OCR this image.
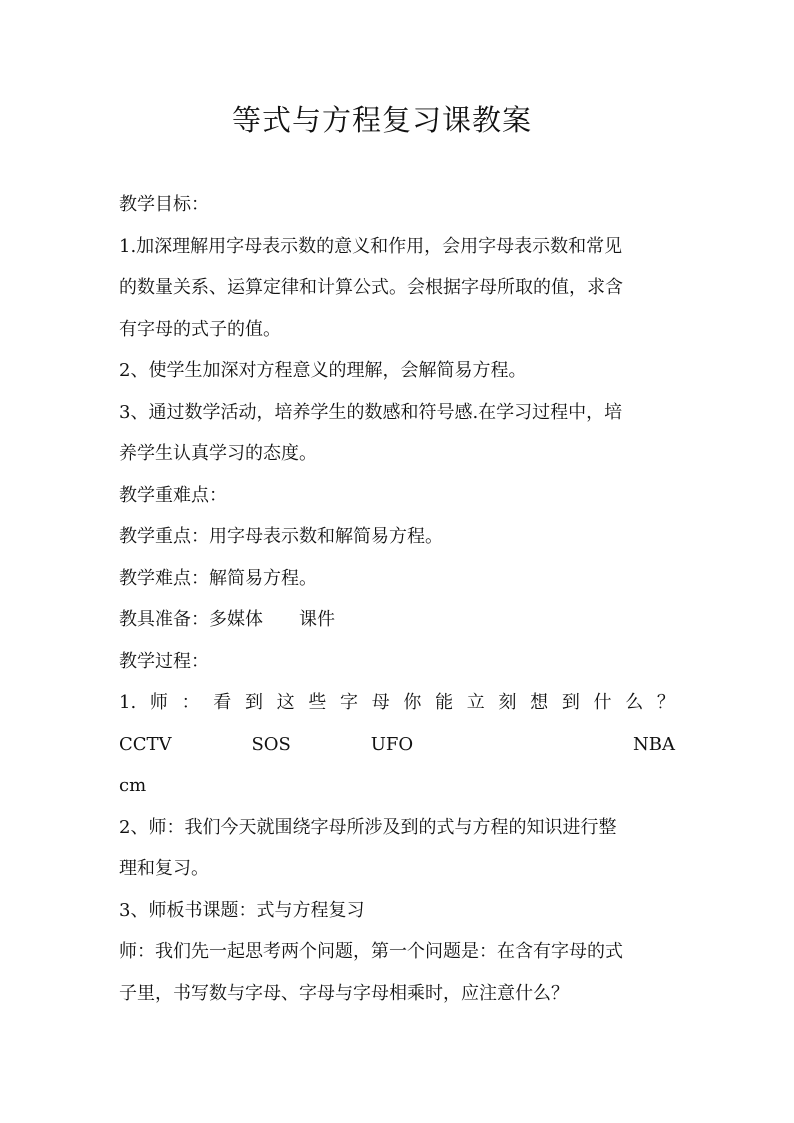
等式与方程复习课教案

教学目标：

1.加深理解用字母表示数的意义和作用，会用字母表示数和常见

的数量关系、运算定律和计算公式。会根据字母所取的值，求含

有字母的式子的值。

2、使学生加深对方程意义的理解，会解简易方程。

3、通过数学活动，培养学生的数感和符号感.在学习过程中，培

养学生认真学习的态度。

教学重难点：

教学重点：用字母表示数和解简易方程。

教学难点：解简易方程。

教具准备：多媒体 课件

教学过程：

1. 师 ： 看 到 这 些 字 母 你 能 立 刻 想 到 什 么 ？
CCTV	SOS	UFO	NBA

cm

2、师：我们今天就围绕字母所涉及到的式与方程的知识进行整

理和复习。

3、师板书课题：式与方程复习

师：我们先一起思考两个问题，第一个问题是：在含有字母的式

子里，书写数与字母、字母与字母相乘时，应注意什么？
